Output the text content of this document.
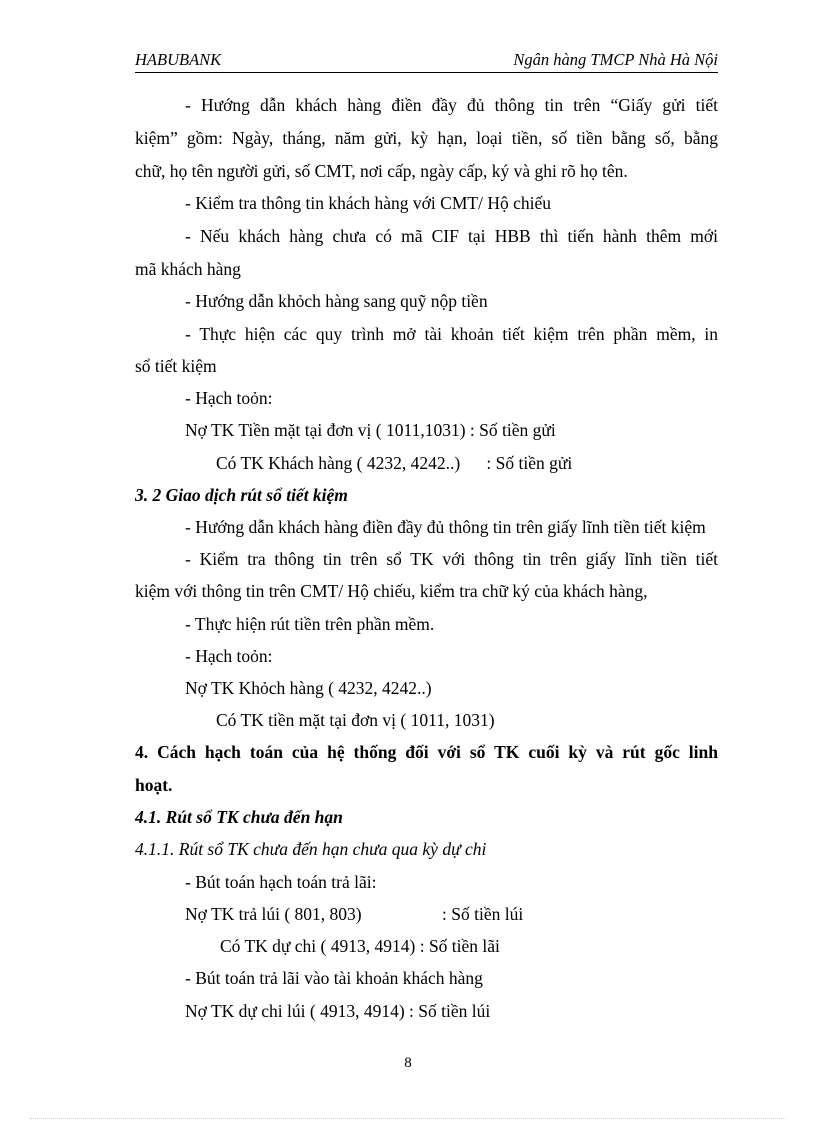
HABUBANK	Ngân hàng TMCP Nhà Hà Nội
- Hướng dẫn khách hàng điền đầy đủ thông tin trên “Giấy gửi tiết
kiệm” gồm: Ngày, tháng, năm gửi, kỳ hạn, loại tiền, số tiền bằng số, bằng
chữ, họ tên người gửi, số CMT, nơi cấp, ngày cấp, ký và ghi rõ họ tên.
- Kiểm tra thông tin khách hàng với CMT/ Hộ chiếu
- Nếu khách hàng chưa có mã CIF tại HBB thì tiến hành thêm mới
mã khách hàng
- Hướng dẫn khỏch hàng sang quỹ nộp tiền
- Thực hiện các quy trình mở tài khoản tiết kiệm trên phần mềm, in
sổ tiết kiệm
- Hạch toỏn:
Nợ TK Tiền mặt tại đơn vị ( 1011,1031) : Số tiền gửi
Có TK Khách hàng ( 4232, 4242..)      : Số tiền gửi
3. 2 Giao dịch rút sổ tiết kiệm
- Hướng dẫn khách hàng điền đầy đủ thông tin trên giấy lĩnh tiền tiết kiệm
- Kiểm tra thông tin trên sổ TK với thông tin trên giấy lĩnh tiền tiết
kiệm với thông tin trên CMT/ Hộ chiếu, kiểm tra chữ ký của khách hàng,
- Thực hiện rút tiền trên phần mềm.
- Hạch toỏn:
Nợ TK Khỏch hàng ( 4232, 4242..)
Có TK tiền mặt tại đơn vị ( 1011, 1031)
4. Cách hạch toán của hệ thống đối với sổ TK cuối kỳ và rút gốc linh
hoạt.
4.1. Rút sổ TK chưa đến hạn
4.1.1. Rút sổ TK chưa đến hạn chưa qua kỳ dự chi
- Bút toán hạch toán trả lãi:
Nợ TK trả lúi ( 801, 803)	: Số tiền lúi
Có TK dự chi ( 4913, 4914) : Số tiền lãi
- Bút toán trả lãi vào tài khoản khách hàng
Nợ TK dự chi lúi ( 4913, 4914) : Số tiền lúi
8
